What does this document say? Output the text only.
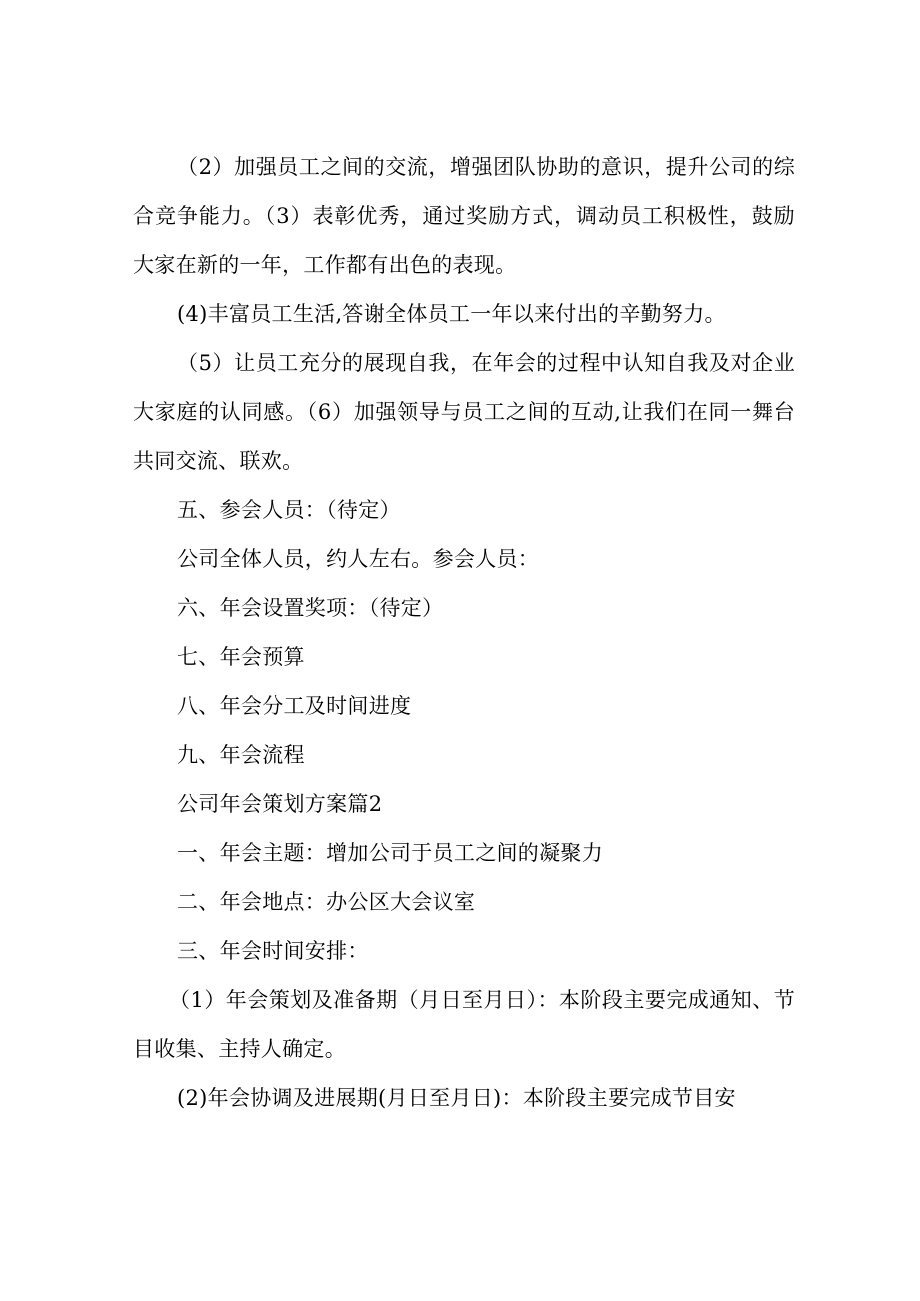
（2）加强员工之间的交流，增强团队协助的意识，提升公司的综合竞争能力。（3）表彰优秀，通过奖励方式，调动员工积极性，鼓励大家在新的一年，工作都有出色的表现。

(4)丰富员工生活,答谢全体员工一年以来付出的辛勤努力。

（5）让员工充分的展现自我，在年会的过程中认知自我及对企业大家庭的认同感。（6）加强领导与员工之间的互动,让我们在同一舞台共同交流、联欢。

五、参会人员：（待定）

公司全体人员，约人左右。参会人员：

六、年会设置奖项：（待定）

七、年会预算

八、年会分工及时间进度

九、年会流程

公司年会策划方案篇2

一、年会主题：增加公司于员工之间的凝聚力

二、年会地点：办公区大会议室

三、年会时间安排：

（1）年会策划及准备期（月日至月日）：本阶段主要完成通知、节目收集、主持人确定。

(2)年会协调及进展期(月日至月日)：本阶段主要完成节目安
